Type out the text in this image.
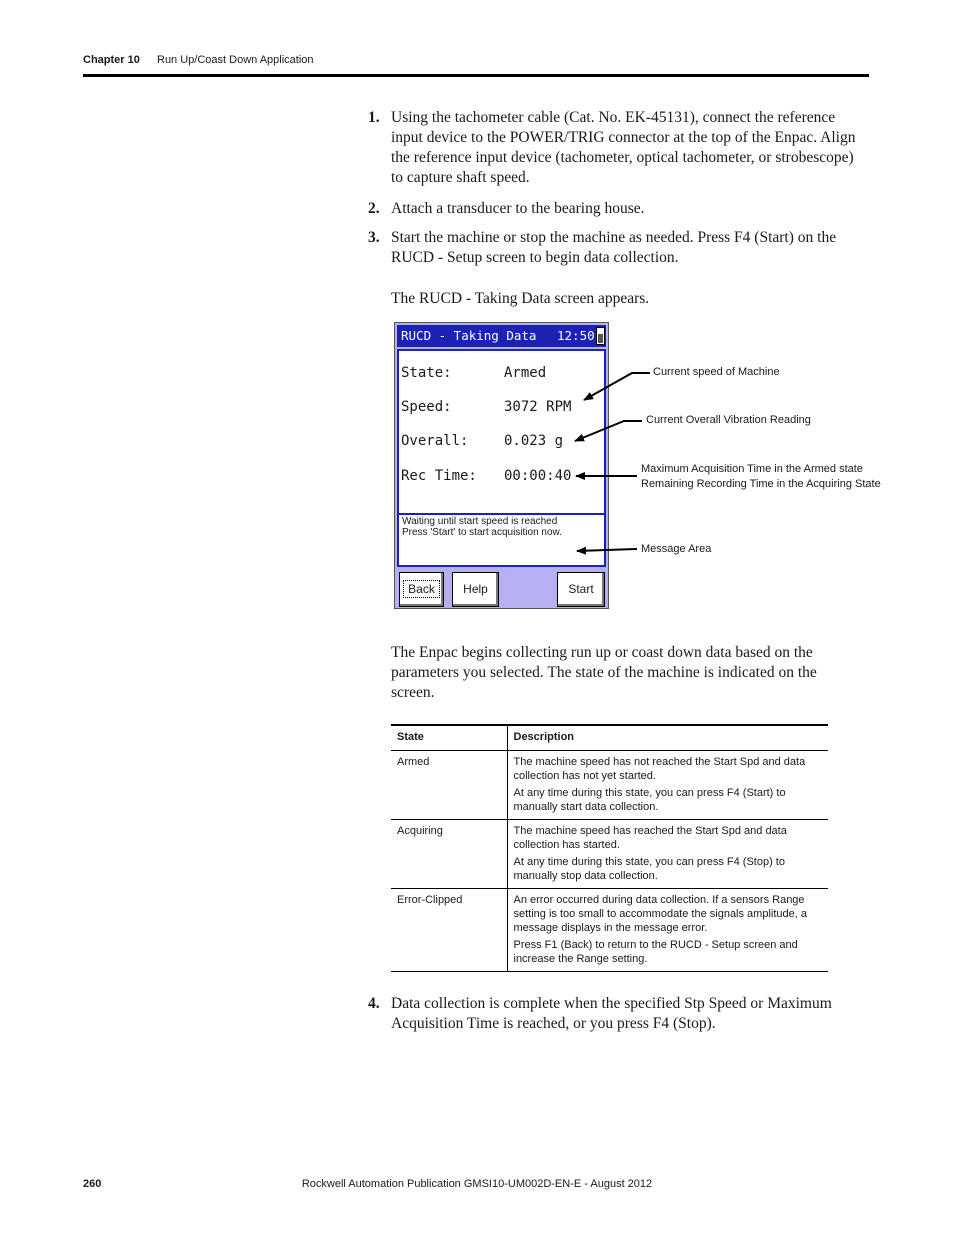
Chapter 10 Run Up/Coast Down Application
1. Using the tachometer cable (Cat. No. EK-45131), connect the reference input device to the POWER/TRIG connector at the top of the Enpac. Align the reference input device (tachometer, optical tachometer, or strobescope) to capture shaft speed.
2. Attach a transducer to the bearing house.
3. Start the machine or stop the machine as needed. Press F4 (Start) on the RUCD - Setup screen to begin data collection.
The RUCD - Taking Data screen appears.
RUCD - Taking Data 12:50
State:	Armed
Speed:	3072 RPM
Overall:	0.023 g
Rec Time: 00:00:40
Waiting until start speed is reached
Press 'Start' to start acquisition now.
Back	Help	Start
Current speed of Machine
Current Overall Vibration Reading
Maximum Acquisition Time in the Armed state
Remaining Recording Time in the Acquiring State
Message Area
The Enpac begins collecting run up or coast down data based on the parameters you selected. The state of the machine is indicated on the screen.
State	Description
Armed	The machine speed has not reached the Start Spd and data collection has not yet started.

At any time during this state, you can press F4 (Start) to manually start data collection.

Acquiring	The machine speed has reached the Start Spd and data collection has started.

At any time during this state, you can press F4 (Stop) to manually stop data collection.

Error-Clipped	An error occurred during data collection. If a sensors Range setting is too small to accommodate the signals amplitude, a message displays in the message error.

Press F1 (Back) to return to the RUCD - Setup screen and increase the Range setting.

4. Data collection is complete when the specified Stp Speed or Maximum Acquisition Time is reached, or you press F4 (Stop).
260	Rockwell Automation Publication GMSI10-UM002D-EN-E - August 2012
